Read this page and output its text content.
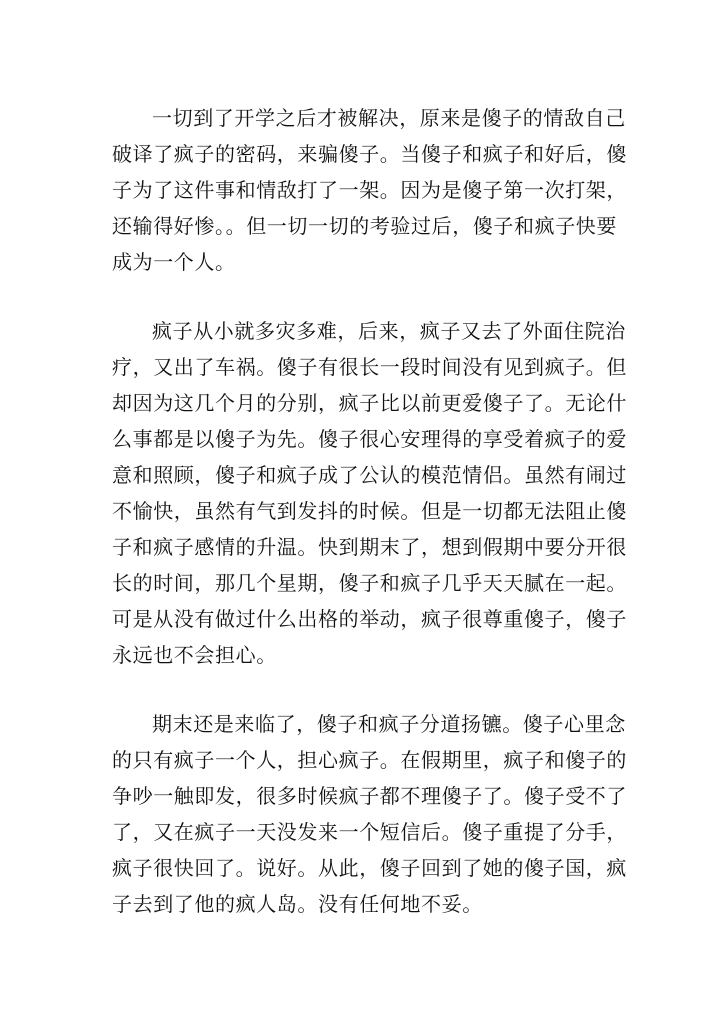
一切到了开学之后才被解决，原来是傻子的情敌自己
破译了疯子的密码，来骗傻子。当傻子和疯子和好后，傻
子为了这件事和情敌打了一架。因为是傻子第一次打架，
还输得好惨。。但一切一切的考验过后，傻子和疯子快要
成为一个人。

疯子从小就多灾多难，后来，疯子又去了外面住院治
疗，又出了车祸。傻子有很长一段时间没有见到疯子。但
却因为这几个月的分别，疯子比以前更爱傻子了。无论什
么事都是以傻子为先。傻子很心安理得的享受着疯子的爱
意和照顾，傻子和疯子成了公认的模范情侣。虽然有闹过
不愉快，虽然有气到发抖的时候。但是一切都无法阻止傻
子和疯子感情的升温。快到期末了，想到假期中要分开很
长的时间，那几个星期，傻子和疯子几乎天天腻在一起。
可是从没有做过什么出格的举动，疯子很尊重傻子，傻子
永远也不会担心。

期末还是来临了，傻子和疯子分道扬镳。傻子心里念
的只有疯子一个人，担心疯子。在假期里，疯子和傻子的
争吵一触即发，很多时候疯子都不理傻子了。傻子受不了
了，又在疯子一天没发来一个短信后。傻子重提了分手，
疯子很快回了。说好。从此，傻子回到了她的傻子国，疯
子去到了他的疯人岛。没有任何地不妥。
